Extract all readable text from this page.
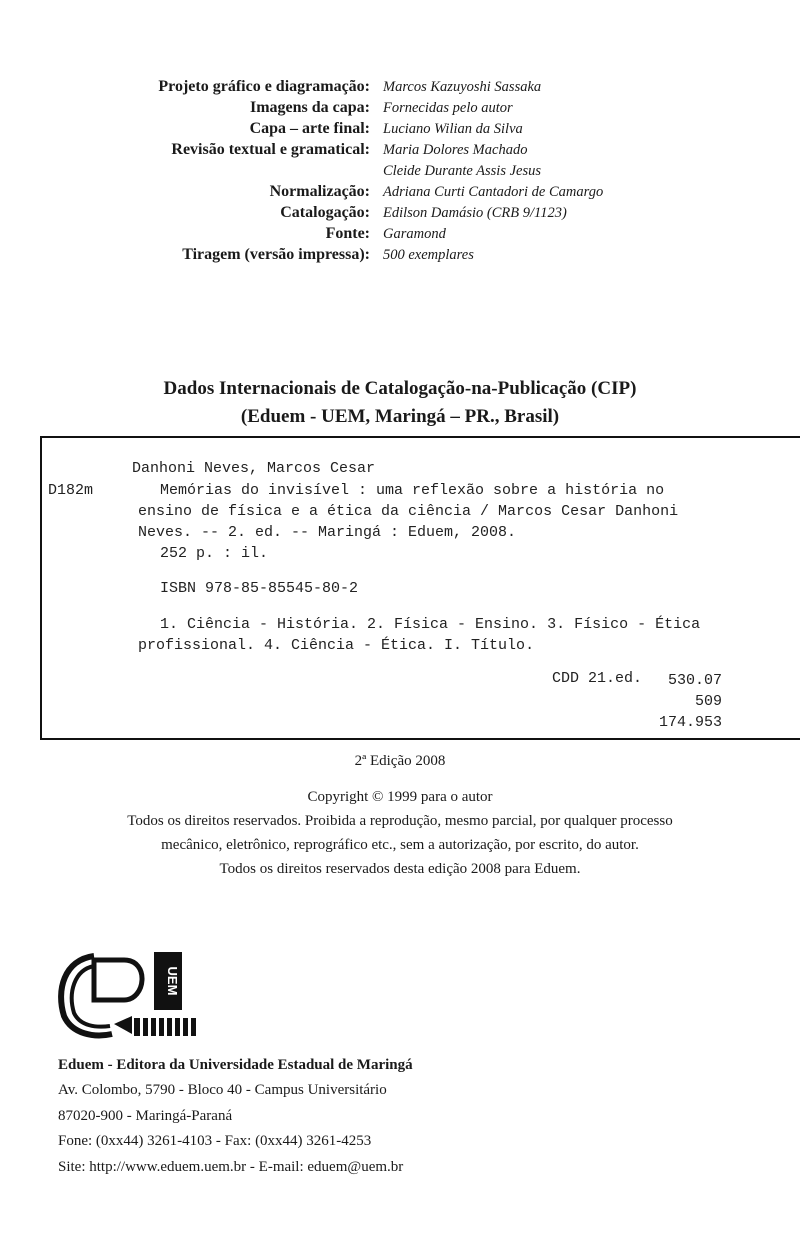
Projeto gráfico e diagramação: Marcos Kazuyoshi Sassaka
Imagens da capa: Fornecidas pelo autor
Capa – arte final: Luciano Wilian da Silva
Revisão textual e gramatical: Maria Dolores Machado
Cleide Durante Assis Jesus
Normalização: Adriana Curti Cantadori de Camargo
Catalogação: Edilson Damásio (CRB 9/1123)
Fonte: Garamond
Tiragem (versão impressa): 500 exemplares
Dados Internacionais de Catalogação-na-Publicação (CIP)
(Eduem - UEM, Maringá – PR., Brasil)
D182m
Danhoni Neves, Marcos Cesar
Memórias do invisível : uma reflexão sobre a história no
ensino de física e a ética da ciência / Marcos Cesar Danhoni
Neves. -- 2. ed. -- Maringá : Eduem, 2008.
252 p. : il.
ISBN 978-85-85545-80-2
1. Ciência - História. 2. Física - Ensino. 3. Físico - Ética
profissional. 4. Ciência - Ética. I. Título.
CDD 21.ed.	530.07
509
174.953
2ª Edição 2008
Copyright © 1999 para o autor
Todos os direitos reservados. Proibida a reprodução, mesmo parcial, por qualquer processo
mecânico, eletrônico, reprográfico etc., sem a autorização, por escrito, do autor.
Todos os direitos reservados desta edição 2008 para Eduem.
UEM
Eduem - Editora da Universidade Estadual de Maringá
Av. Colombo, 5790 - Bloco 40 - Campus Universitário
87020-900 - Maringá-Paraná
Fone: (0xx44) 3261-4103 - Fax: (0xx44) 3261-4253
Site: http://www.eduem.uem.br - E-mail: eduem@uem.br
